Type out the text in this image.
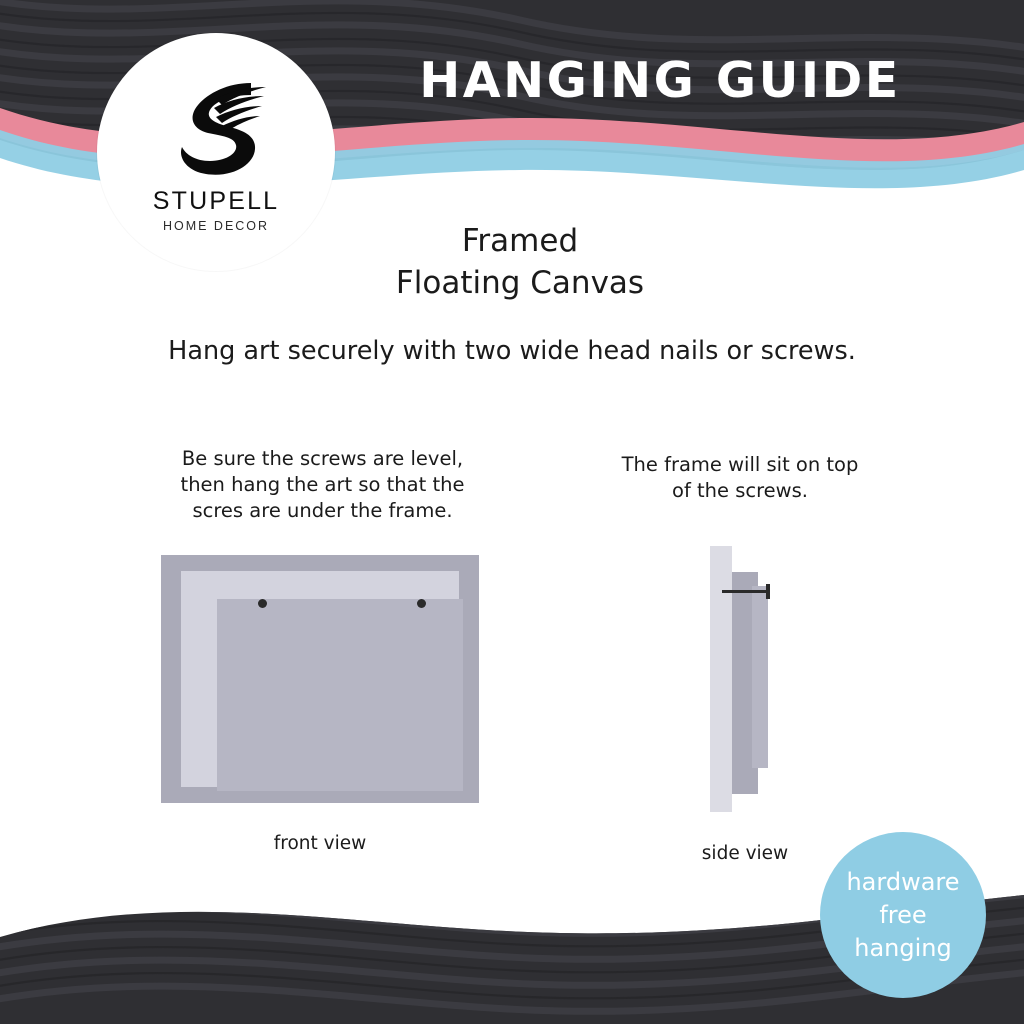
STUPELL
HOME DECOR
HANGING GUIDE
Framed
Floating Canvas
Hang art securely with two wide head nails or screws.
Be sure the screws are level,
then hang the art so that the
scres are under the frame.
The frame will sit on top
of the screws.
front view	side view
hardware
free
hanging
